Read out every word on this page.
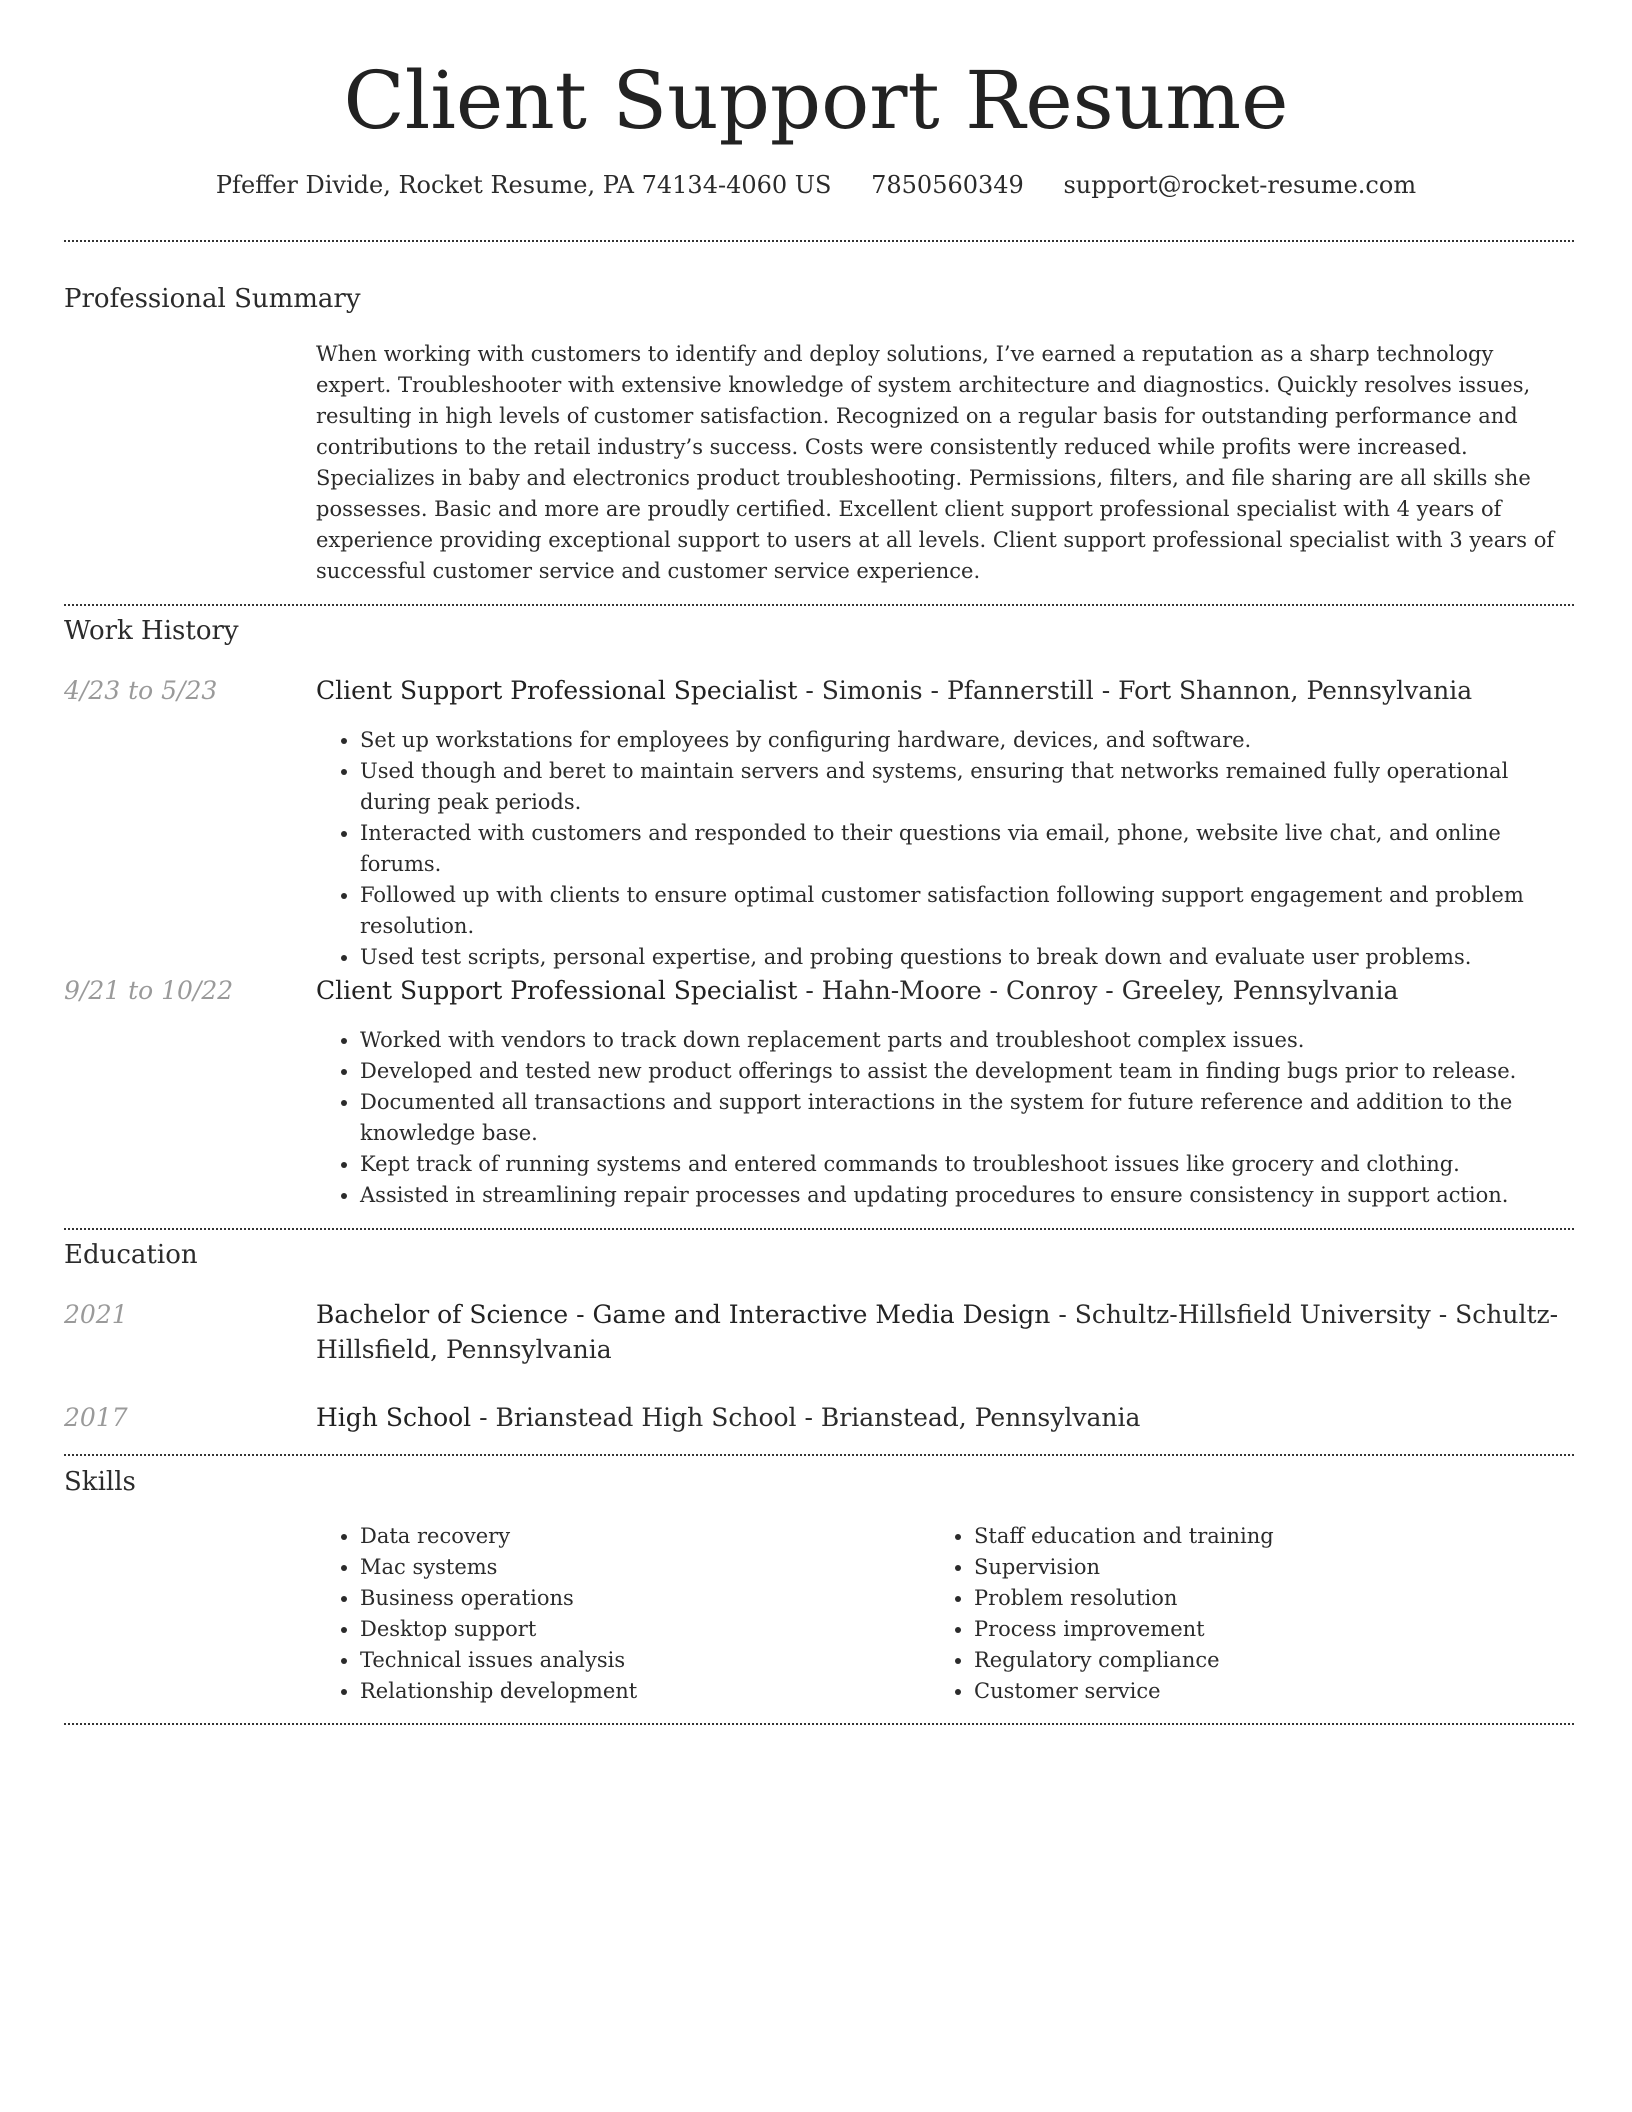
Client Support Resume
Pfeffer Divide, Rocket Resume, PA 74134-4060 US 7850560349 support@rocket-resume.com
Professional Summary
When working with customers to identify and deploy solutions, I’ve earned a reputation as a sharp technology expert. Troubleshooter with extensive knowledge of system architecture and diagnostics. Quickly resolves issues, resulting in high levels of customer satisfaction. Recognized on a regular basis for outstanding performance and contributions to the retail industry’s success. Costs were consistently reduced while profits were increased. Specializes in baby and electronics product troubleshooting. Permissions, filters, and file sharing are all skills she possesses. Basic and more are proudly certified. Excellent client support professional specialist with 4 years of experience providing exceptional support to users at all levels. Client support professional specialist with 3 years of successful customer service and customer service experience.
Work History
4/23 to 5/23	Client Support Professional Specialist - Simonis - Pfannerstill - Fort Shannon, Pennsylvania
• Set up workstations for employees by configuring hardware, devices, and software.
• Used though and beret to maintain servers and systems, ensuring that networks remained fully operational during peak periods.
• Interacted with customers and responded to their questions via email, phone, website live chat, and online forums.
• Followed up with clients to ensure optimal customer satisfaction following support engagement and problem resolution.
• Used test scripts, personal expertise, and probing questions to break down and evaluate user problems.
9/21 to 10/22	Client Support Professional Specialist - Hahn-Moore - Conroy - Greeley, Pennsylvania
• Worked with vendors to track down replacement parts and troubleshoot complex issues.
• Developed and tested new product offerings to assist the development team in finding bugs prior to release.
• Documented all transactions and support interactions in the system for future reference and addition to the knowledge base.
• Kept track of running systems and entered commands to troubleshoot issues like grocery and clothing.
• Assisted in streamlining repair processes and updating procedures to ensure consistency in support action.
Education
2021	Bachelor of Science - Game and Interactive Media Design - Schultz-Hillsfield University - Schultz-Hillsfield, Pennsylvania
2017	High School - Brianstead High School - Brianstead, Pennsylvania
Skills
• Data recovery
• Mac systems
• Business operations
• Desktop support
• Technical issues analysis
• Relationship development
• Staff education and training
• Supervision
• Problem resolution
• Process improvement
• Regulatory compliance
• Customer service
